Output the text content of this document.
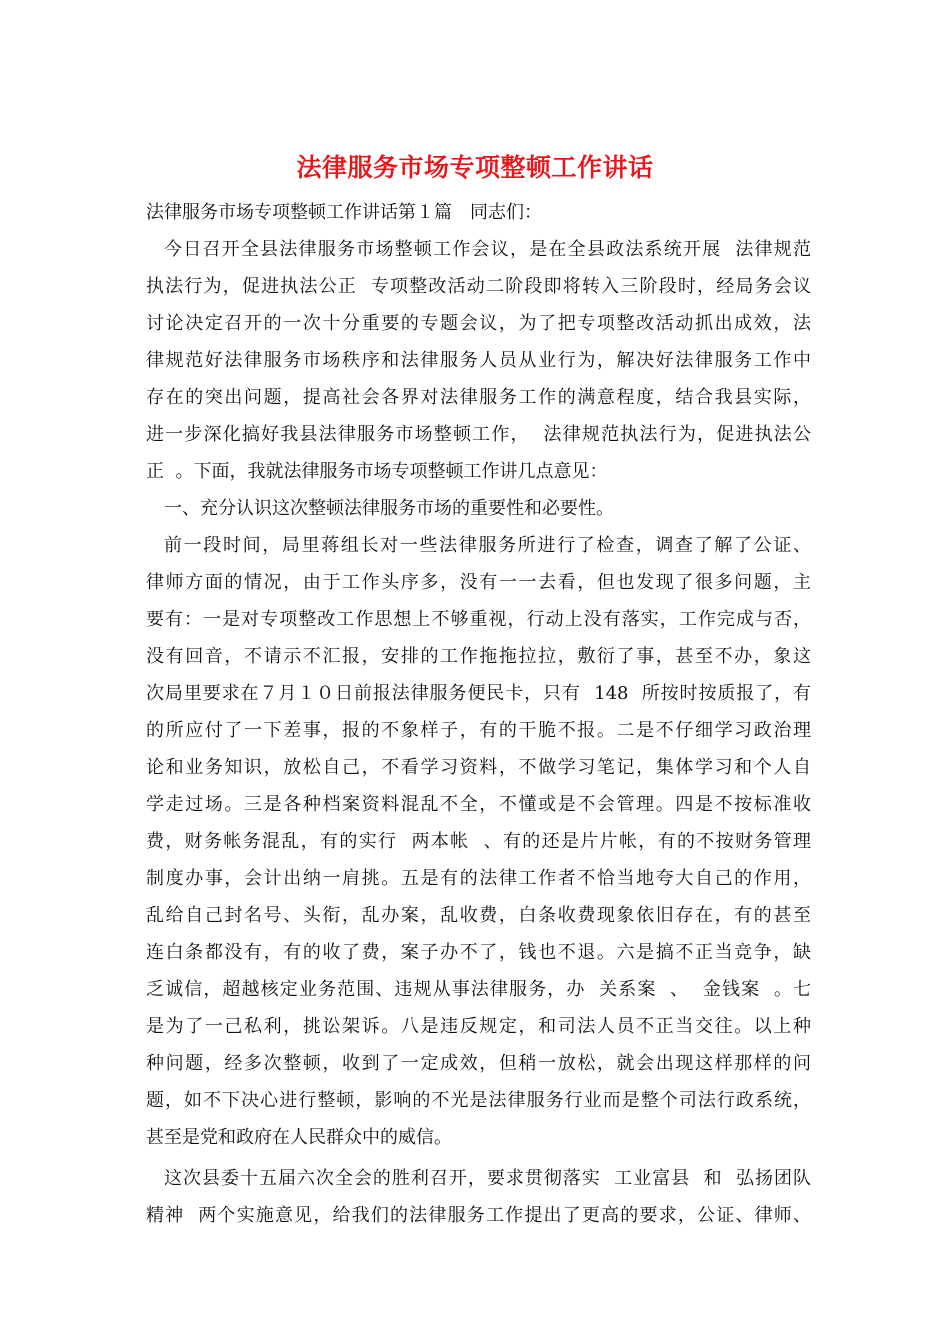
法律服务市场专项整顿工作讲话
法律服务市场专项整顿工作讲话第１篇　同志们：
今日召开全县法律服务市场整顿工作会议，是在全县政法系统开展  法律规范
执法行为，促进执法公正  专项整改活动二阶段即将转入三阶段时，经局务会议
讨论决定召开的一次十分重要的专题会议，为了把专项整改活动抓出成效，法
律规范好法律服务市场秩序和法律服务人员从业行为，解决好法律服务工作中
存在的突出问题，提高社会各界对法律服务工作的满意程度，结合我县实际，
进一步深化搞好我县法律服务市场整顿工作，  法律规范执法行为，促进执法公
正  。下面，我就法律服务市场专项整顿工作讲几点意见：
一、充分认识这次整顿法律服务市场的重要性和必要性。
前一段时间，局里蒋组长对一些法律服务所进行了检查，调查了解了公证、
律师方面的情况，由于工作头序多，没有一一去看，但也发现了很多问题，主
要有：一是对专项整改工作思想上不够重视，行动上没有落实，工作完成与否，
没有回音，不请示不汇报，安排的工作拖拖拉拉，敷衍了事，甚至不办，象这
次局里要求在７月１０日前报法律服务便民卡，只有  148  所按时按质报了，有
的所应付了一下差事，报的不象样子，有的干脆不报。二是不仔细学习政治理
论和业务知识，放松自己，不看学习资料，不做学习笔记，集体学习和个人自
学走过场。三是各种档案资料混乱不全，不懂或是不会管理。四是不按标准收
费，财务帐务混乱，有的实行  两本帐  、有的还是片片帐，有的不按财务管理
制度办事，会计出纳一肩挑。五是有的法律工作者不恰当地夸大自己的作用，
乱给自己封名号、头衔，乱办案，乱收费，白条收费现象依旧存在，有的甚至
连白条都没有，有的收了费，案子办不了，钱也不退。六是搞不正当竞争，缺
乏诚信，超越核定业务范围、违规从事法律服务，办  关系案  、  金钱案  。七
是为了一己私利，挑讼架诉。八是违反规定，和司法人员不正当交往。以上种
种问题，经多次整顿，收到了一定成效，但稍一放松，就会出现这样那样的问
题，如不下决心进行整顿，影响的不光是法律服务行业而是整个司法行政系统，
甚至是党和政府在人民群众中的威信。
这次县委十五届六次全会的胜利召开，要求贯彻落实  工业富县  和  弘扬团队
精神  两个实施意见，给我们的法律服务工作提出了更高的要求，公证、律师、
